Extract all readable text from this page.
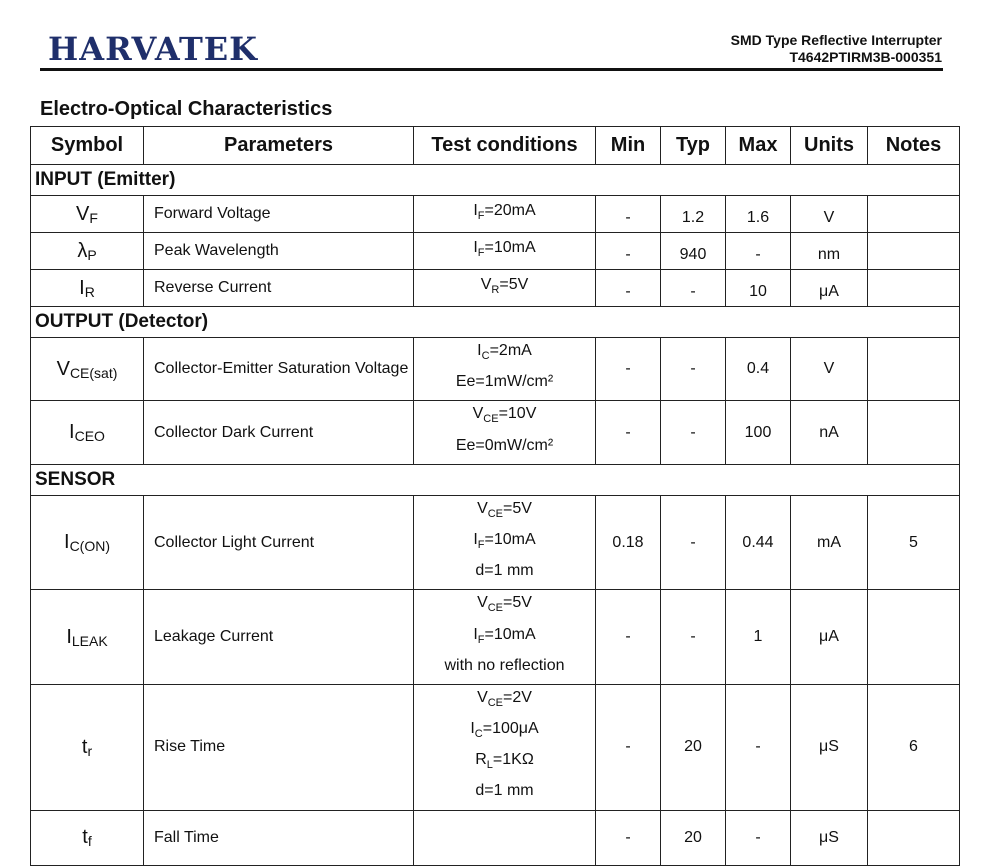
HARVATEK	SMD Type Reflective Interrupter
T4642PTIRM3B-000351
Electro-Optical Characteristics
Symbol	Parameters	Test conditions	Min	Typ	Max	Units	Notes
INPUT (Emitter)							
$V_F$	Forward Voltage	$I_F=20mA$	-	1.2	1.6	V	
$\lambda_P$	Peak Wavelength	$I_F=10mA$	-	940	-	nm	
$I_R$	Reverse Current	$V_R=5V$	-	-	10	μA	
OUTPUT (Detector)							
$V_{CE(sat)}$	Collector-Emitter Saturation Voltage	$I_C=2mA$
Ee=1mW/cm²	-	-	0.4	V	
$I_{CEO}$	Collector Dark Current	$V_{CE}=10V$
Ee=0mW/cm²	-	-	100	nA	
SENSOR							
$I_{C(ON)}$	Collector Light Current	$V_{CE}=5V$
$I_F=10mA$
d=1 mm	0.18	-	0.44	mA	5
$I_{LEAK}$	Leakage Current	$V_{CE}=5V$
$I_F=10mA$
with no reflection	-	-	1	μA	
$t_r$	Rise Time	$V_{CE}=2V$
$I_C=100\mu A$
$R_L=1K\Omega$
d=1 mm	-	20	-	μS	6
$t_f$	Fall Time		-	20	-	μS	
